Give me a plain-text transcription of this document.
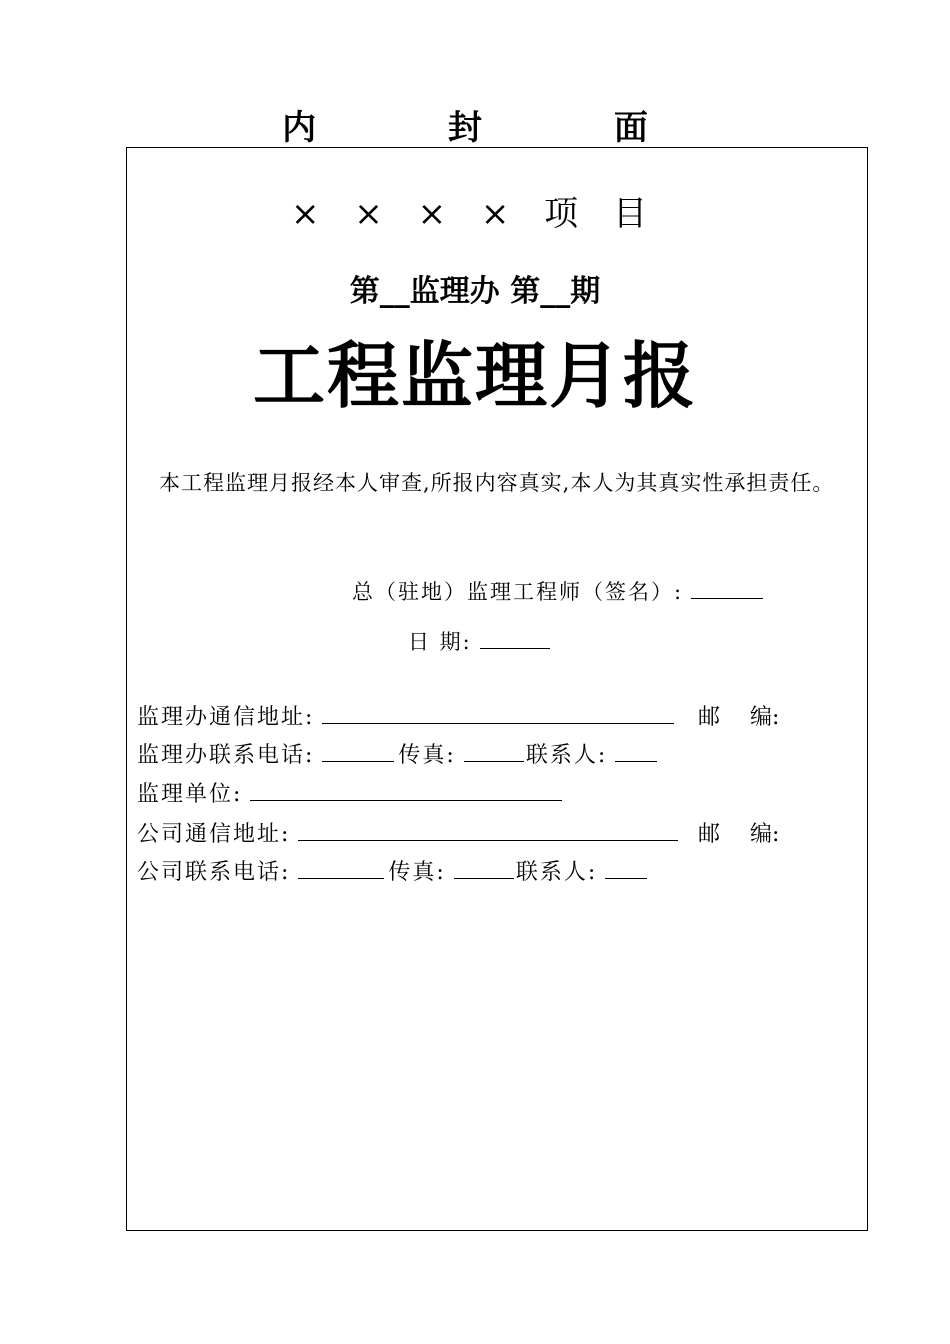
内 封 面
× × × × 项 目
第__监理办 第__期
工程监理月报
本工程监理月报经本人审查,所报内容真实,本人为其真实性承担责任。
总（驻地）监理工程师（签名）:
日 期:
监理办通信地址:	邮 编:
监理办联系电话:	传真:	联系人:
监理单位:
公司通信地址:	邮 编:
公司联系电话:	传真:	联系人:
